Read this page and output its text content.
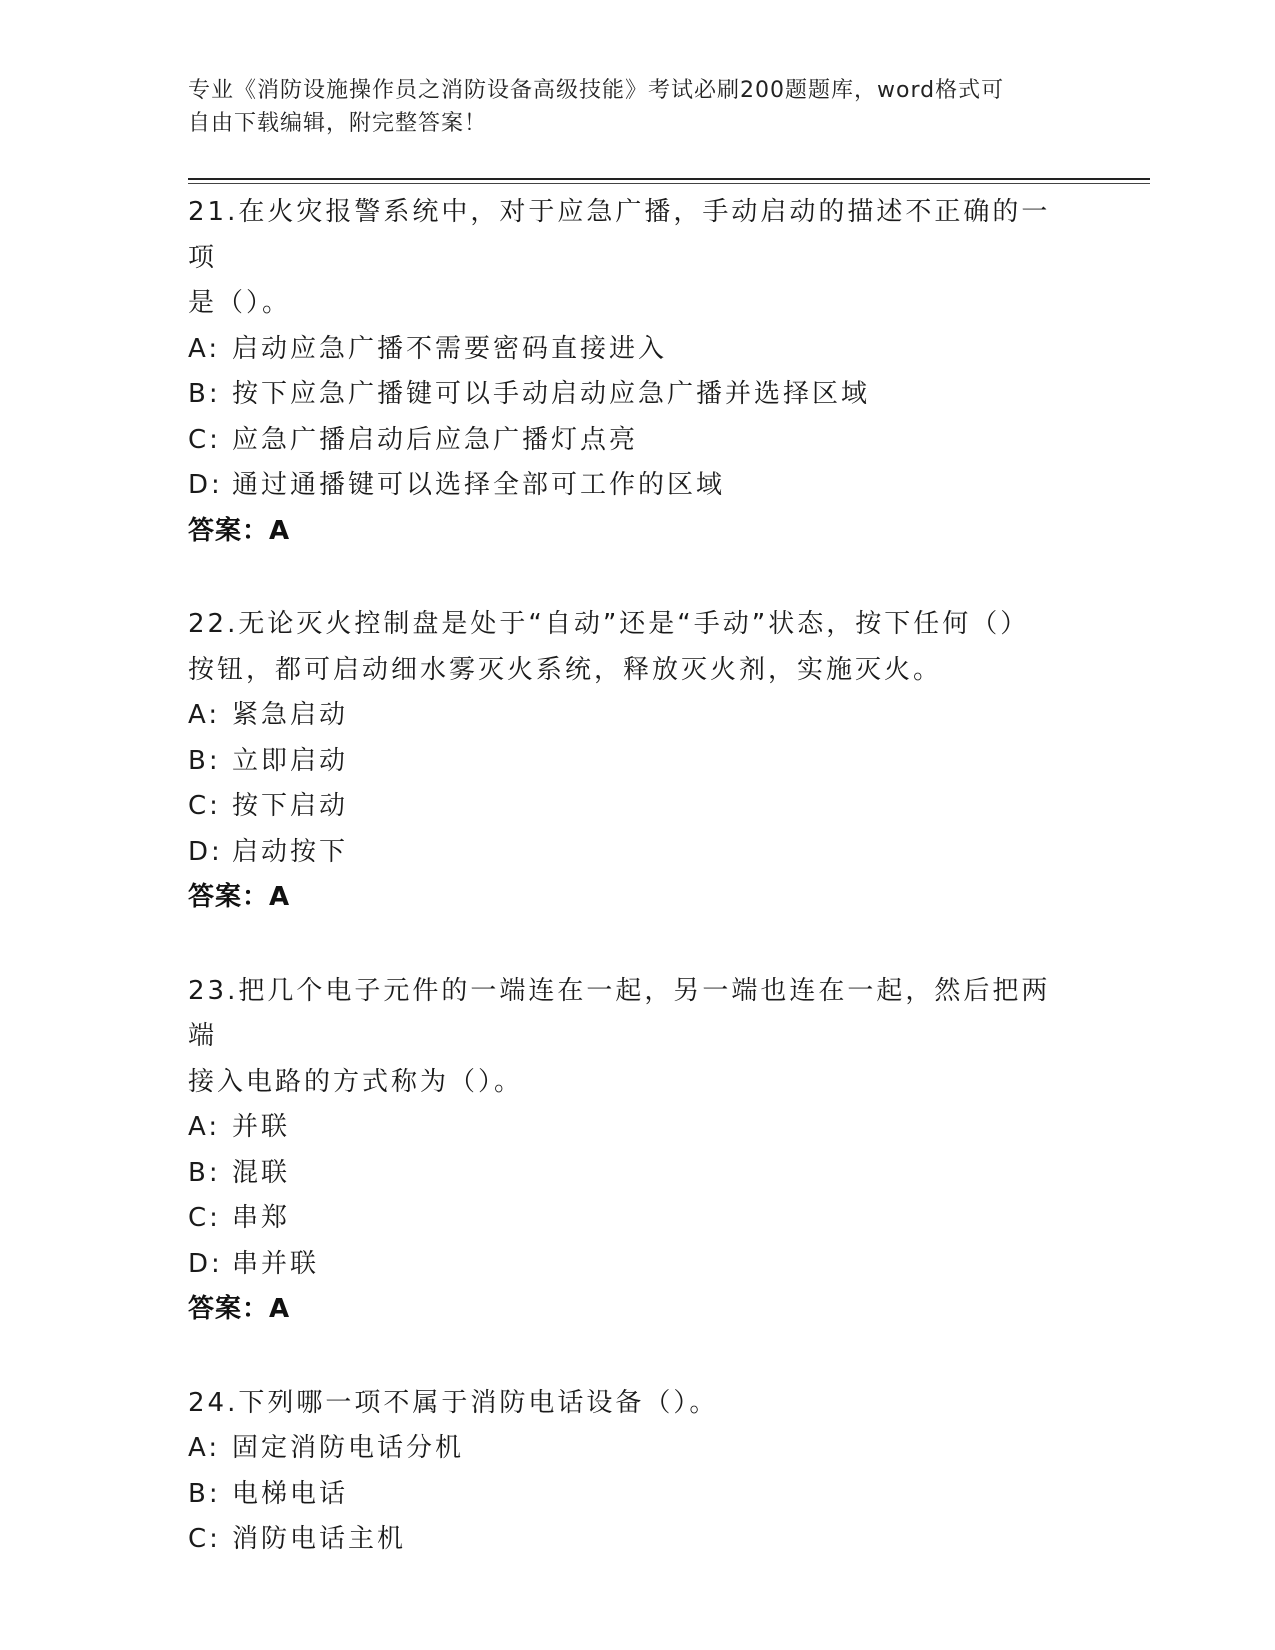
专业《消防设施操作员之消防设备高级技能》考试必刷200题题库，word格式可
自由下载编辑，附完整答案！
21.在火灾报警系统中，对于应急广播，手动启动的描述不正确的一项
是（）。
A: 启动应急广播不需要密码直接进入
B: 按下应急广播键可以手动启动应急广播并选择区域
C: 应急广播启动后应急广播灯点亮
D: 通过通播键可以选择全部可工作的区域
答案：A
22.无论灭火控制盘是处于“自动”还是“手动”状态，按下任何（）
按钮，都可启动细水雾灭火系统，释放灭火剂，实施灭火。
A: 紧急启动
B: 立即启动
C: 按下启动
D: 启动按下
答案：A
23.把几个电子元件的一端连在一起，另一端也连在一起，然后把两端
接入电路的方式称为（）。
A: 并联
B: 混联
C: 串郑
D: 串并联
答案：A
24.下列哪一项不属于消防电话设备（）。
A: 固定消防电话分机
B: 电梯电话
C: 消防电话主机
